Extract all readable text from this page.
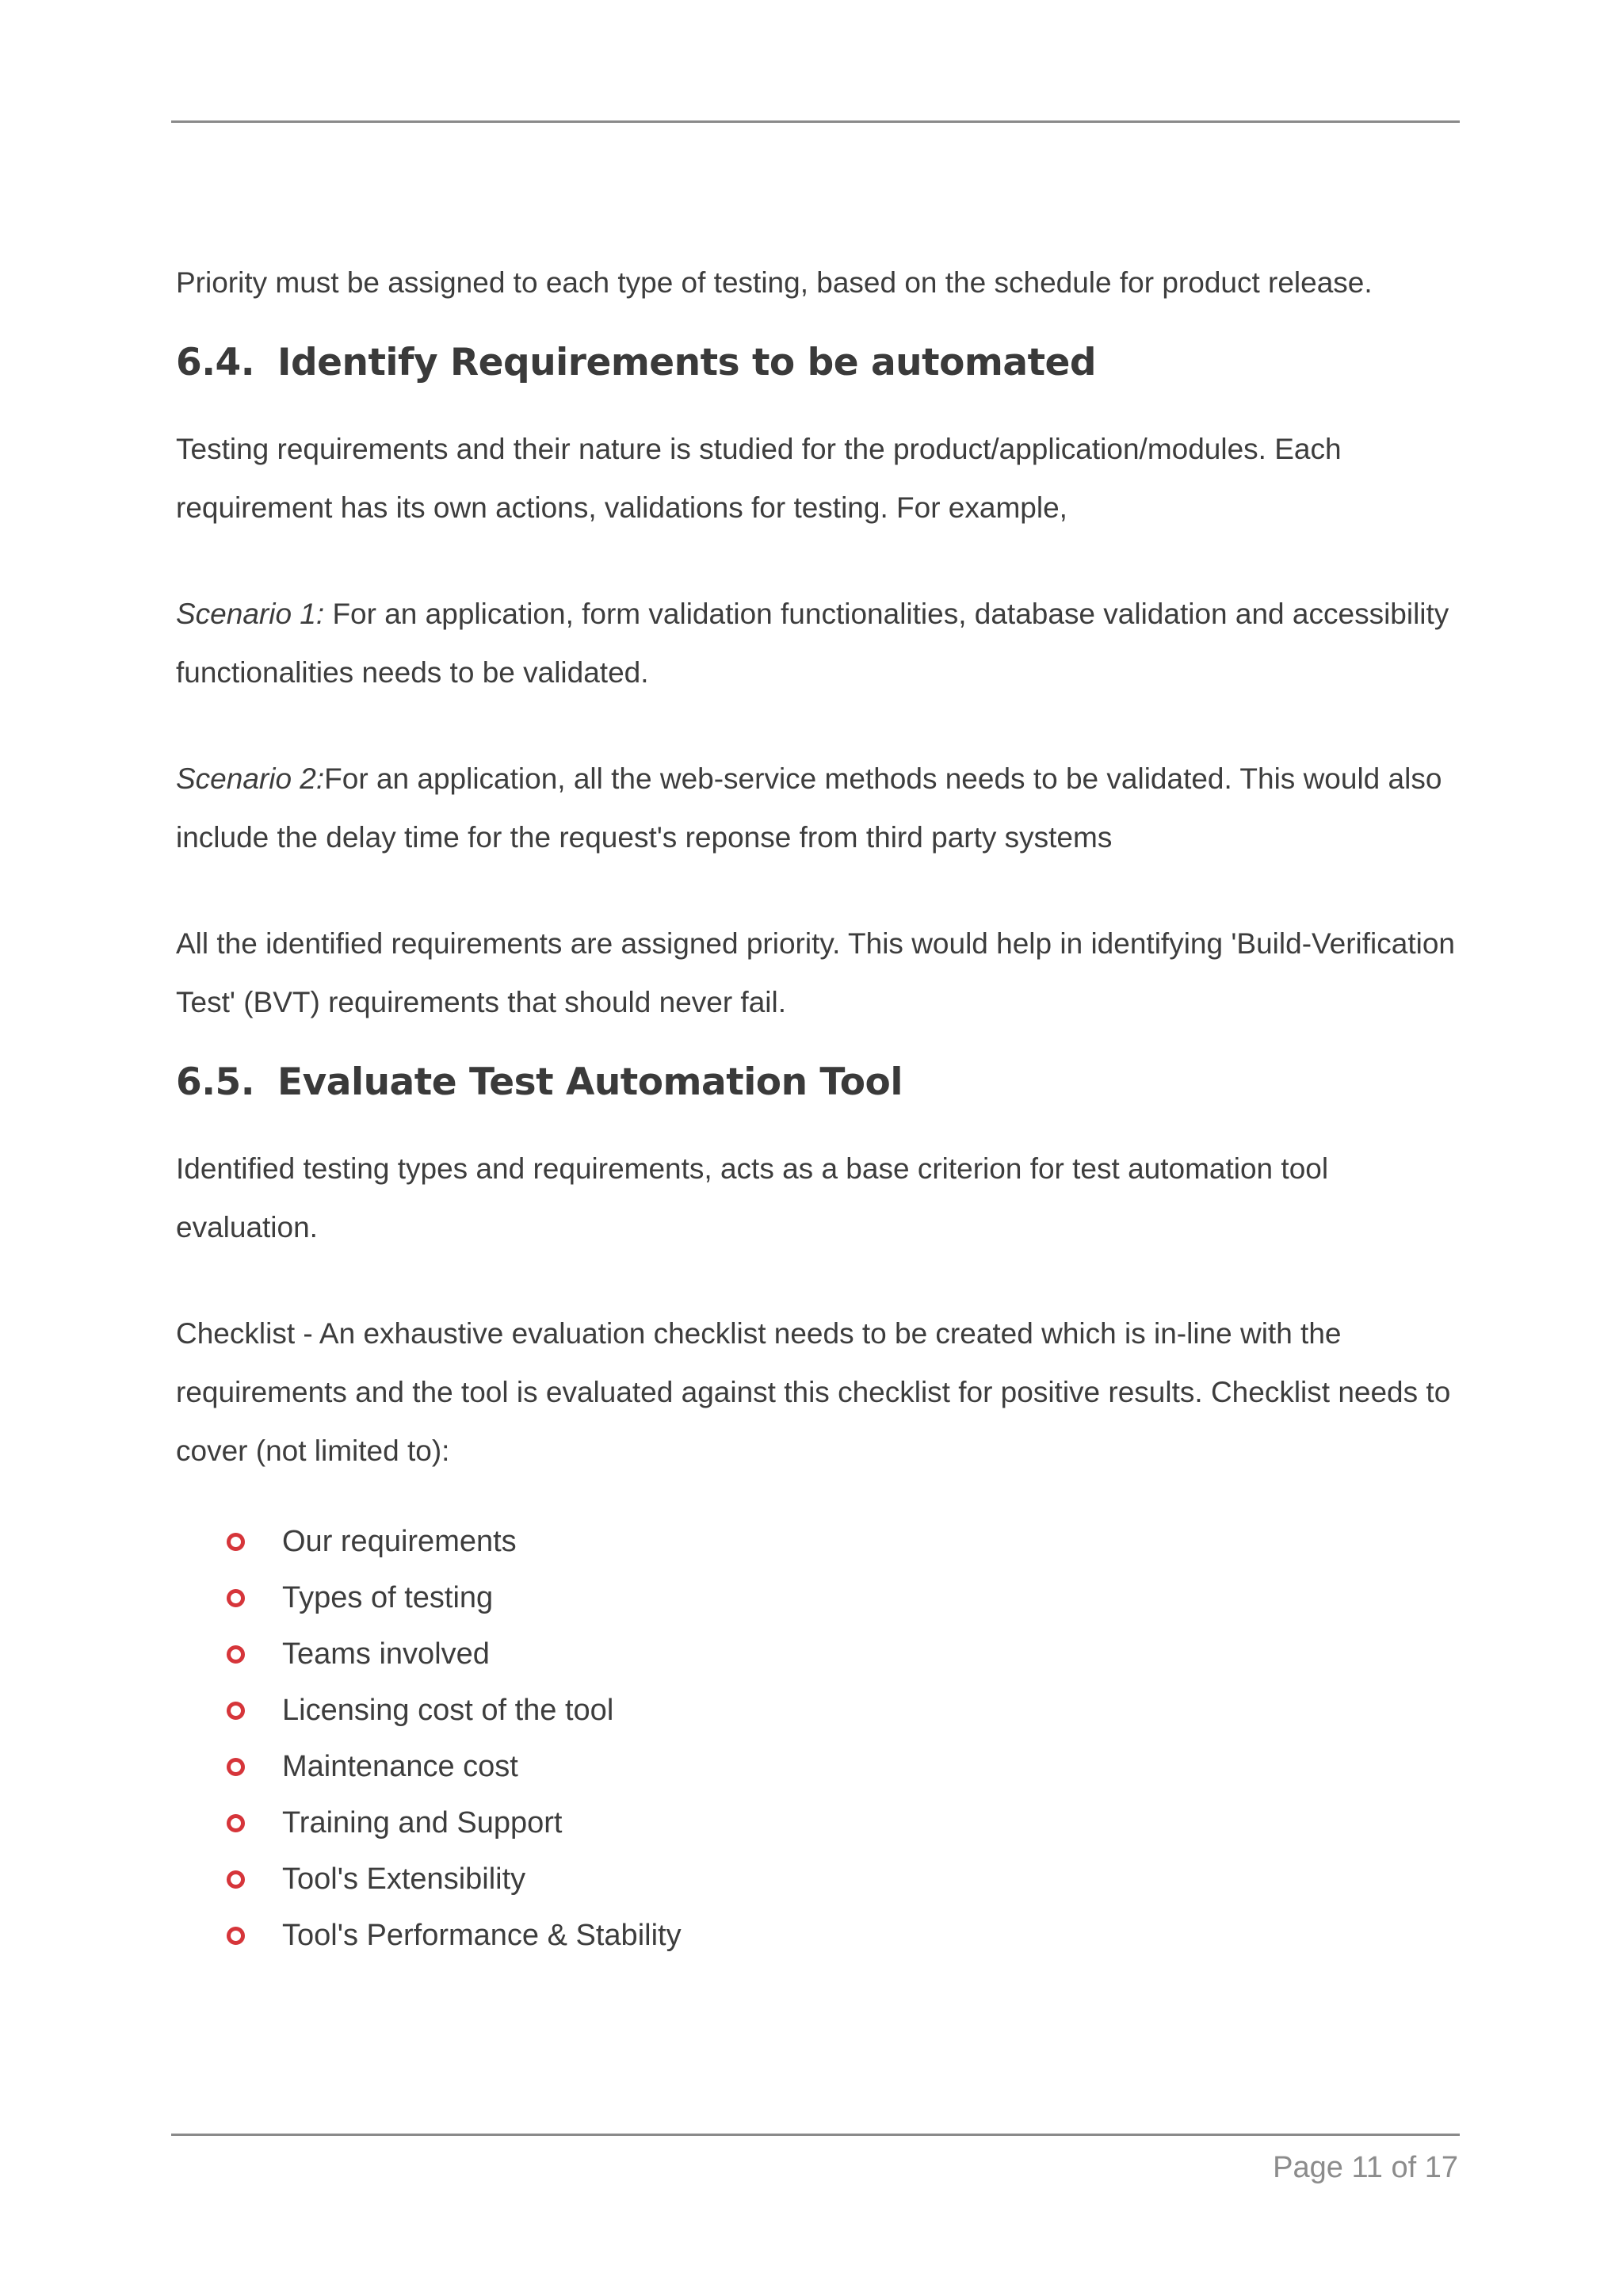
Priority must be assigned to each type of testing, based on the schedule for product release.

6.4. Identify Requirements to be automated

Testing requirements and their nature is studied for the product/application/modules. Each requirement has its own actions, validations for testing. For example,

Scenario 1: For an application, form validation functionalities, database validation and accessibility functionalities needs to be validated.

Scenario 2:For an application, all the web-service methods needs to be validated. This would also include the delay time for the request's reponse from third party systems

All the identified requirements are assigned priority. This would help in identifying 'Build-Verification Test' (BVT) requirements that should never fail.

6.5. Evaluate Test Automation Tool

Identified testing types and requirements, acts as a base criterion for test automation tool evaluation.

Checklist - An exhaustive evaluation checklist needs to be created which is in-line with the requirements and the tool is evaluated against this checklist for positive results. Checklist needs to cover (not limited to):

Our requirements
Types of testing
Teams involved
Licensing cost of the tool
Maintenance cost
Training and Support
Tool's Extensibility
Tool's Performance & Stability
Page 11 of 17
